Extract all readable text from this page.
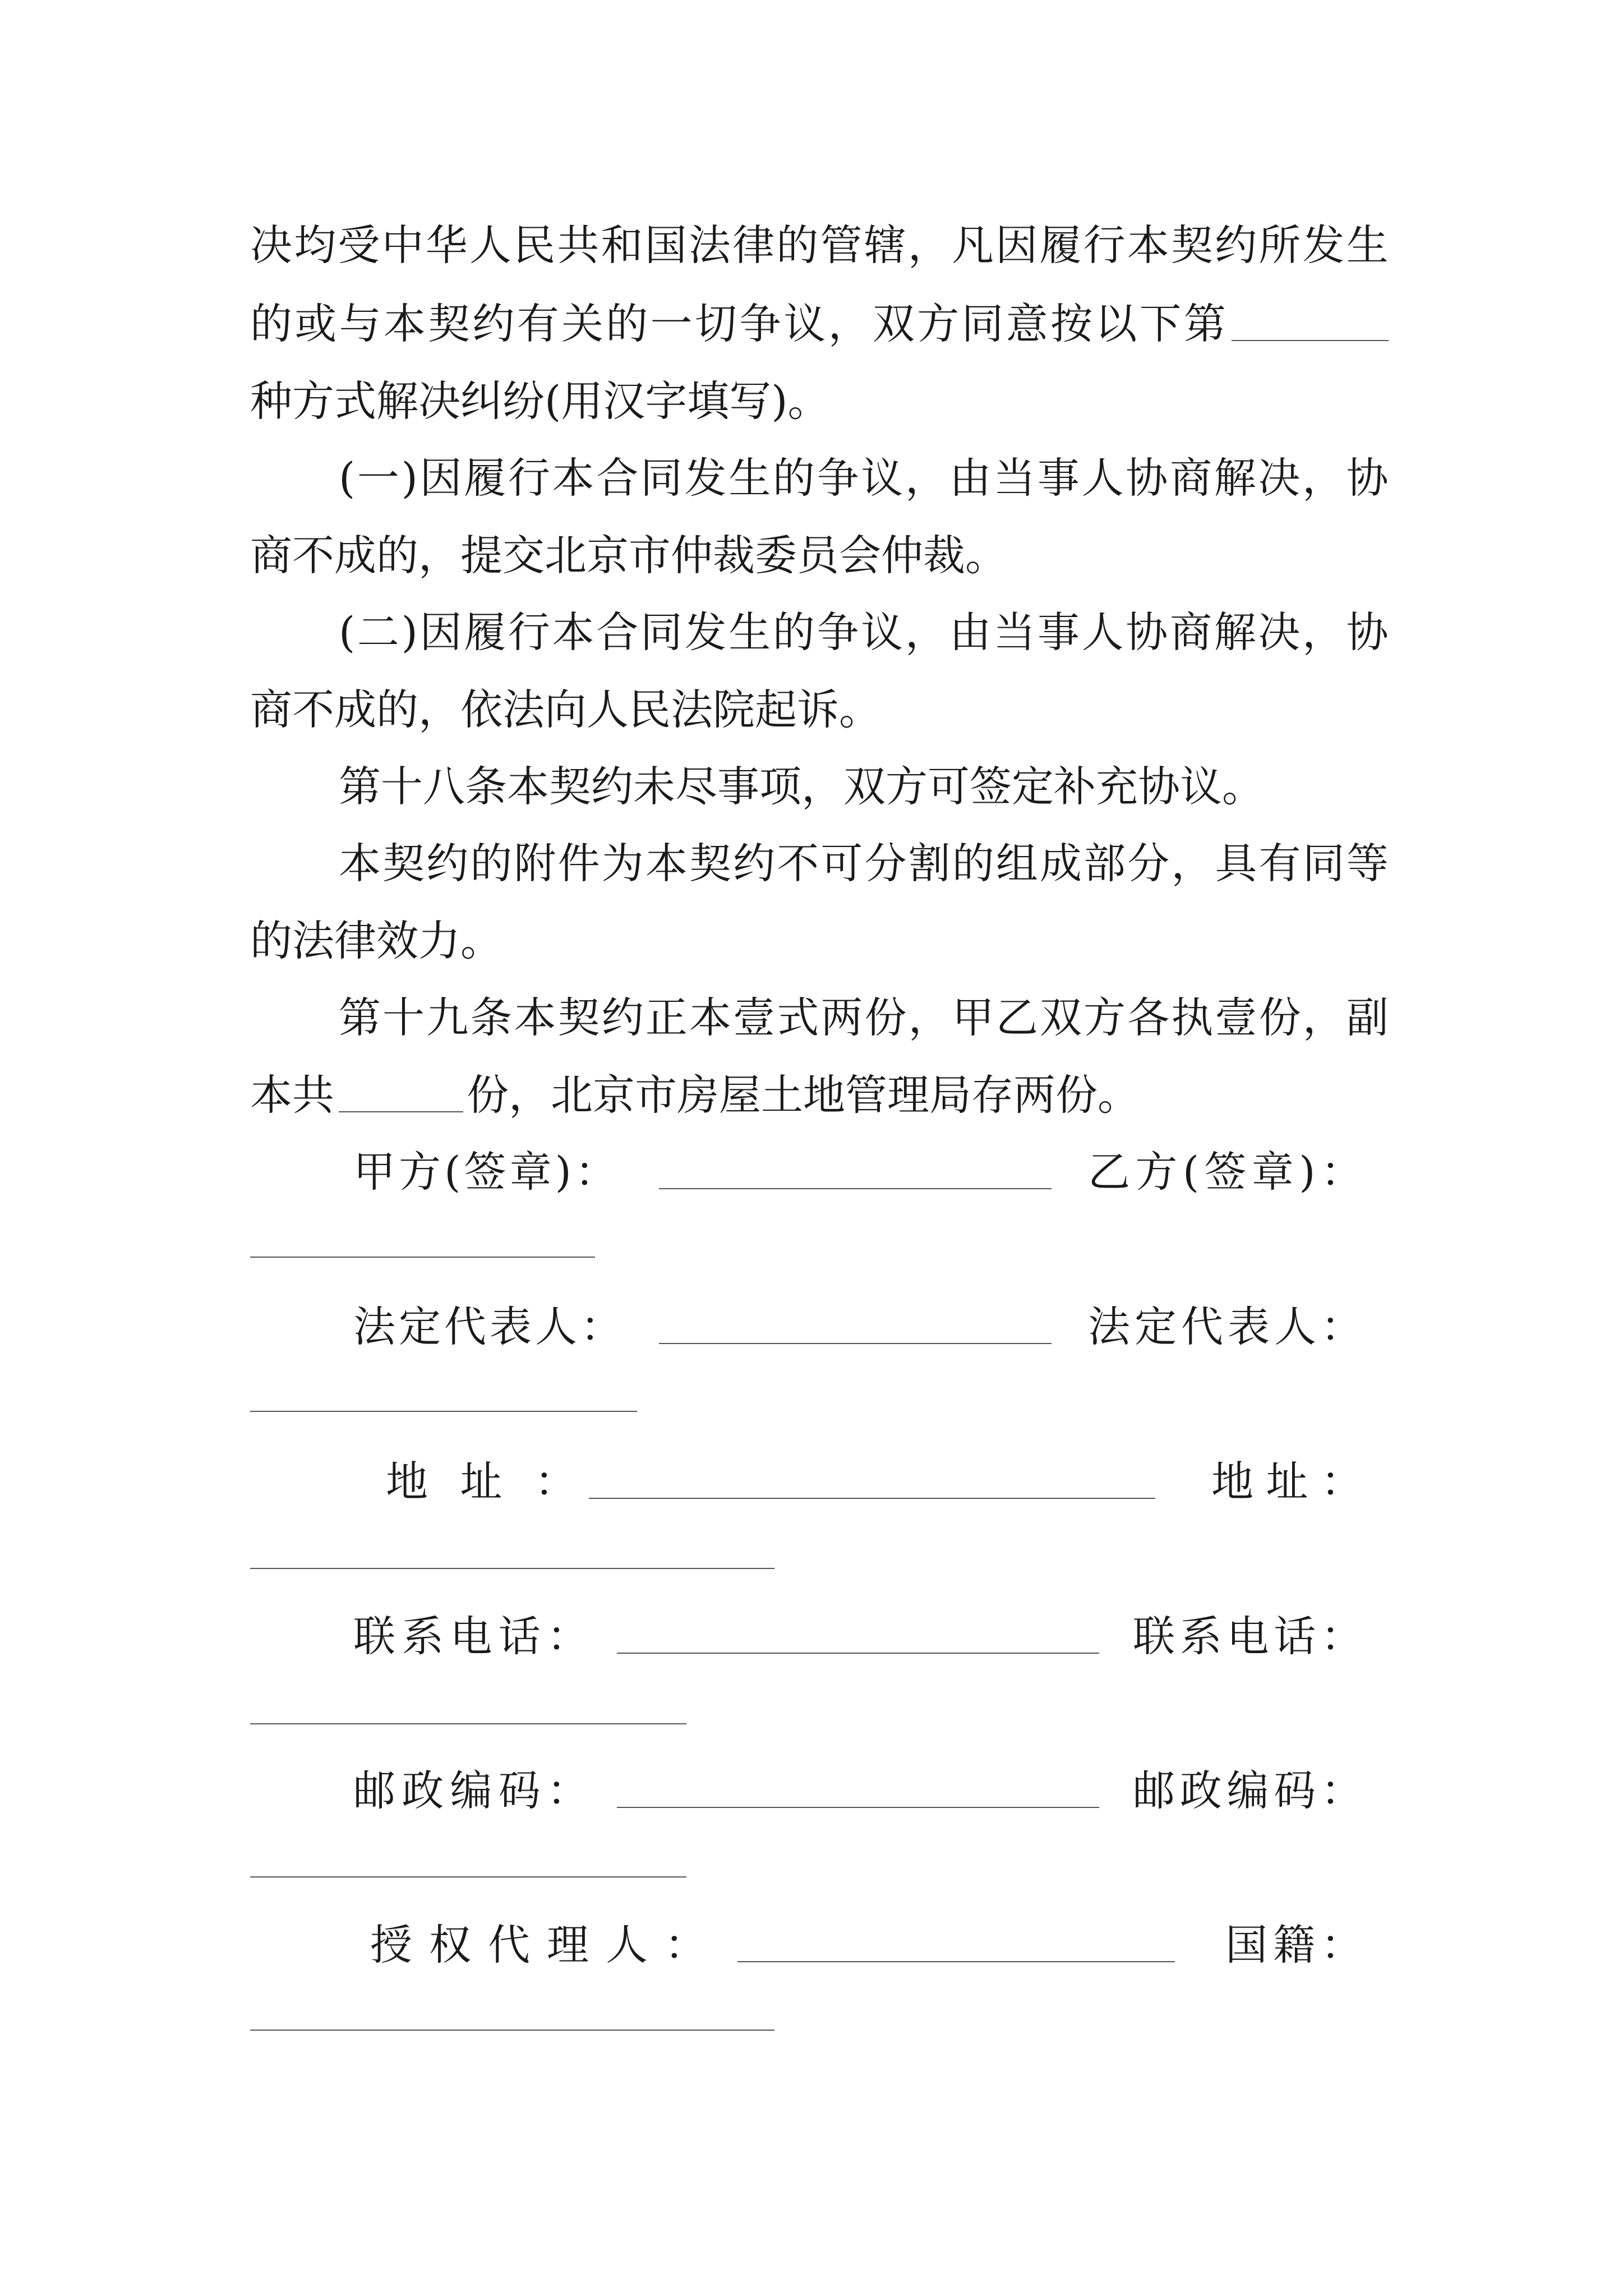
决 均 受 中 华 人 民 共 和 国 法 律 的 管 辖 ， 凡 因 履 行 本 契 约 所 发 生
的 或 与 本 契 约 有 关 的 一 切 争 议 ， 双 方 同 意 按 以 下 第
种方式解决纠纷(用汉字填写)。
( 一 ) 因 履 行 本 合 同 发 生 的 争 议 ， 由 当 事 人 协 商 解 决 ， 协
商不成的，提交北京市仲裁委员会仲裁。
( 二 ) 因 履 行 本 合 同 发 生 的 争 议 ， 由 当 事 人 协 商 解 决 ， 协
商不成的，依法向人民法院起诉。
第十八条本契约未尽事项，双方可签定补充协议。
本 契 约 的 附 件 为 本 契 约 不 可 分 割 的 组 成 部 分 ， 具 有 同 等
的法律效力。
第 十 九 条 本 契 约 正 本 壹 式 两 份 ， 甲 乙 双 方 各 执 壹 份 ， 副
本共	份，北京市房屋土地管理局存两份。
甲 方 ( 签 章 ) ：	乙 方 ( 签 章 ) ：
法 定 代 表 人 ：	法 定 代 表 人 ：
地 址 ：	地 址 ：
联 系 电 话 ：	联 系 电 话 ：
邮 政 编 码 ：	邮 政 编 码 ：
授 权 代 理 人 ：	国 籍 ：
